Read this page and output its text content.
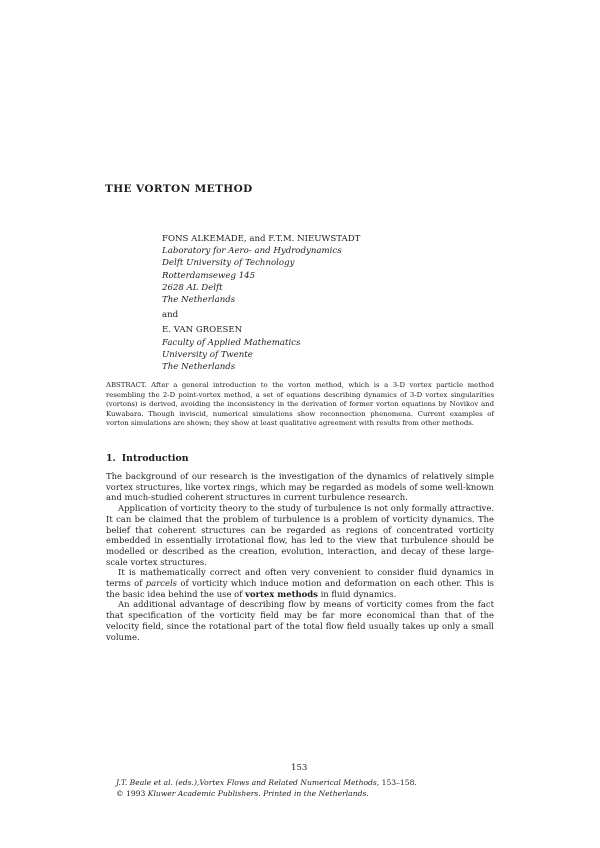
THE VORTON METHOD
FONS ALKEMADE, and F.T.M. NIEUWSTADT
Laboratory for Aero- and Hydrodynamics
Delft University of Technology
Rotterdamseweg 145
2628 AL Delft
The Netherlands
and
E. VAN GROESEN
Faculty of Applied Mathematics
University of Twente
The Netherlands

ABSTRACT. After a general introduction to the vorton method, which is a 3-D vortex particle method resembling the 2-D point-vortex method, a set of equations describing dynamics of 3-D vortex singularities (vortons) is derived, avoiding the inconsistency in the derivation of former vorton equations by Novikov and Kuwabara. Though inviscid, numerical simulations show reconnection phenomena. Current examples of vorton simulations are shown; they show at least qualitative agreement with results from other methods.

1. Introduction

The background of our research is the investigation of the dynamics of relatively simple vortex structures, like vortex rings, which may be regarded as models of some well-known and much-studied coherent structures in current turbulence research.

Application of vorticity theory to the study of turbulence is not only formally attractive. It can be claimed that the problem of turbulence is a problem of vorticity dynamics. The belief that coherent structures can be regarded as regions of concentrated vorticity embedded in essentially irrotational flow, has led to the view that turbulence should be modelled or described as the creation, evolution, interaction, and decay of these large-scale vortex structures.

It is mathematically correct and often very convenient to consider fluid dynamics in terms of parcels of vorticity which induce motion and deformation on each other. This is the basic idea behind the use of vortex methods in fluid dynamics.

An additional advantage of describing flow by means of vorticity comes from the fact that specification of the vorticity field may be far more economical than that of the velocity field, since the rotational part of the total flow field usually takes up only a small volume.

153
J.T. Beale et al. (eds.),Vortex Flows and Related Numerical Methods, 153–158.
© 1993 Kluwer Academic Publishers. Printed in the Netherlands.
